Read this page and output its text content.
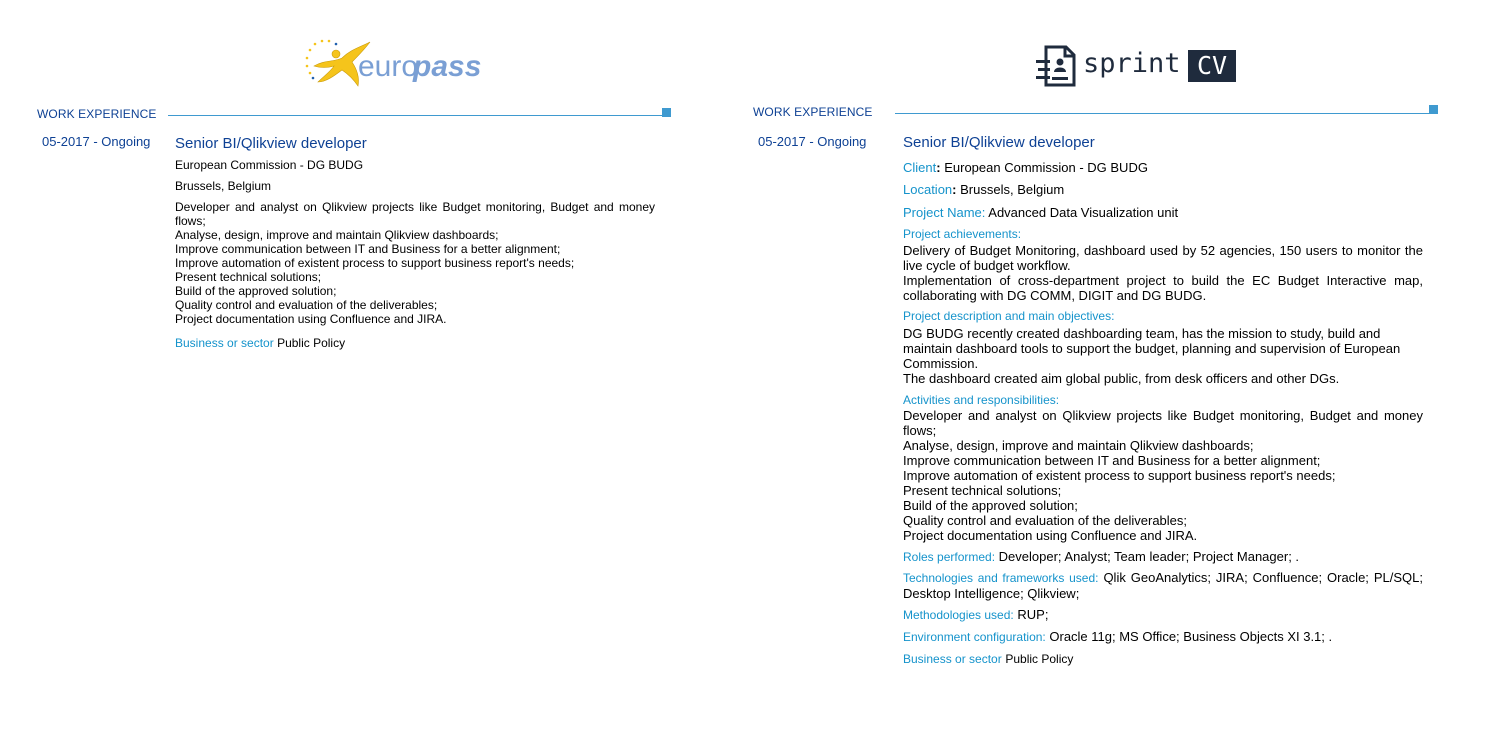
euro
pass
WORK EXPERIENCE
05-2017 - Ongoing Senior BI/Qlikview developer
European Commission - DG BUDG
Brussels, Belgium
Developer and analyst on Qlikview projects like Budget monitoring, Budget and money
flows;
Analyse, design, improve and maintain Qlikview dashboards;
Improve communication between IT and Business for a better alignment;
Improve automation of existent process to support business report's needs;
Present technical solutions;
Build of the approved solution;
Quality control and evaluation of the deliverables;
Project documentation using Confluence and JIRA.
Business or sector Public Policy
sprint CV
WORK EXPERIENCE
05-2017 - Ongoing Senior BI/Qlikview developer
Client: European Commission - DG BUDG
Location: Brussels, Belgium
Project Name: Advanced Data Visualization unit
Project achievements:
Delivery of Budget Monitoring, dashboard used by 52 agencies, 150 users to monitor the
live cycle of budget workflow.
Implementation of cross-department project to build the EC Budget Interactive map,
collaborating with DG COMM, DIGIT and DG BUDG.
Project description and main objectives:
DG BUDG recently created dashboarding team, has the mission to study, build and
maintain dashboard tools to support the budget, planning and supervision of European
Commission.
The dashboard created aim global public, from desk officers and other DGs.
Activities and responsibilities:
Developer and analyst on Qlikview projects like Budget monitoring, Budget and money
flows;
Analyse, design, improve and maintain Qlikview dashboards;
Improve communication between IT and Business for a better alignment;
Improve automation of existent process to support business report's needs;
Present technical solutions;
Build of the approved solution;
Quality control and evaluation of the deliverables;
Project documentation using Confluence and JIRA.
Roles performed: Developer; Analyst; Team leader; Project Manager; .
Technologies and frameworks used: Qlik GeoAnalytics; JIRA; Confluence; Oracle; PL/SQL;
Desktop Intelligence; Qlikview;
Methodologies used: RUP;
Environment configuration: Oracle 11g; MS Office; Business Objects XI 3.1; .
Business or sector Public Policy
